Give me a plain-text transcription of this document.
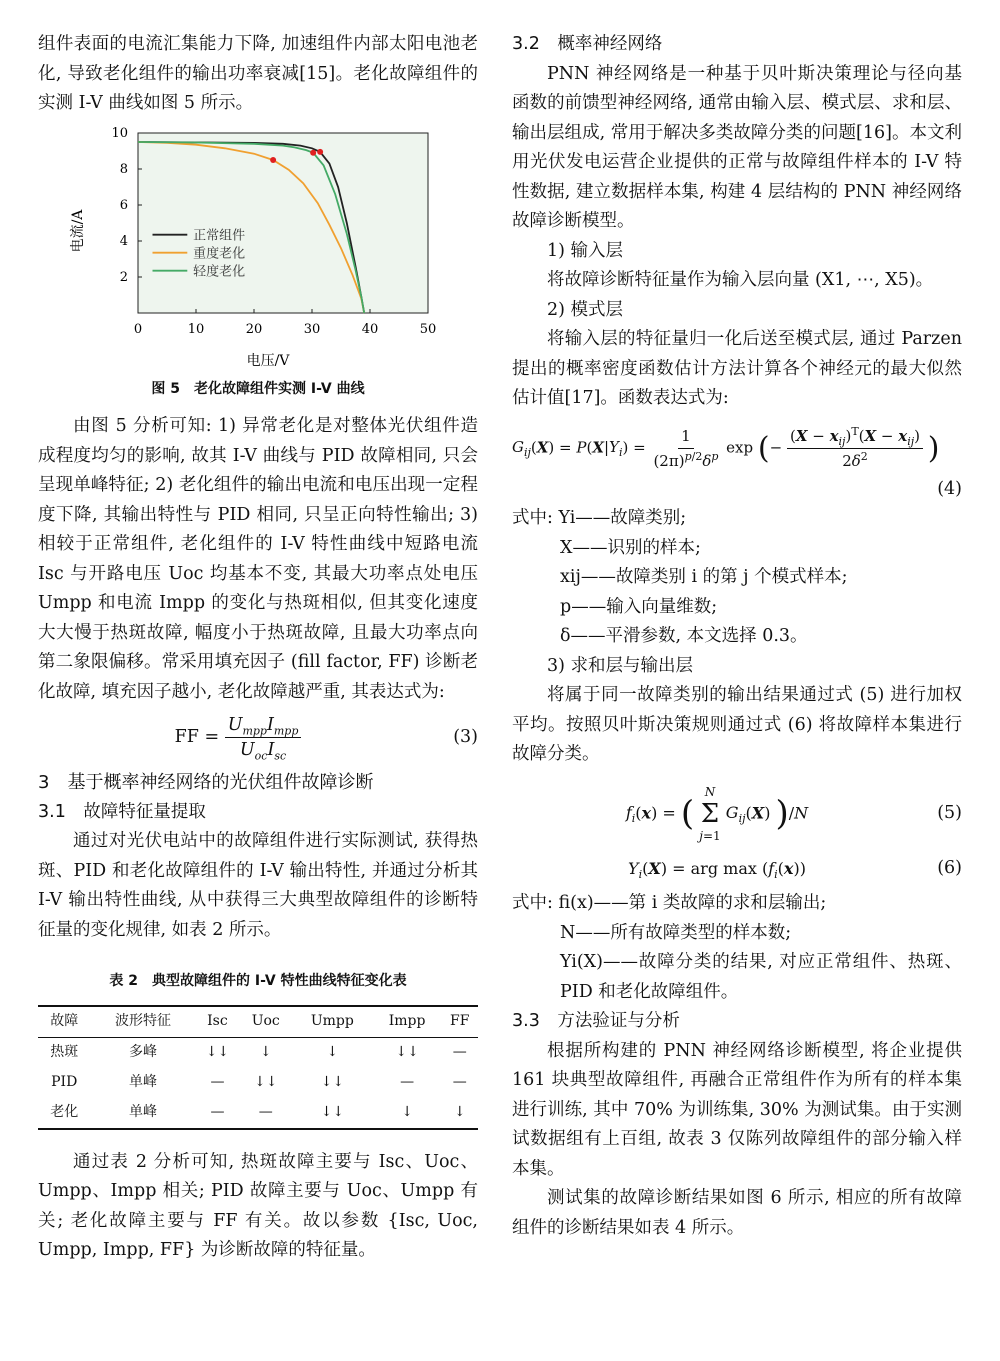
组件表面的电流汇集能力下降, 加速组件内部太阳电池老化, 导致老化组件的输出功率衰减[15]。老化故障组件的实测 I-V 曲线如图 5 所示。

0	10	20	30	40	50
2
4
6
8
10
正常组件
重度老化
轻度老化
电压/V
电流/A

图 5　老化故障组件实测 I-V 曲线

由图 5 分析可知: 1) 异常老化是对整体光伏组件造成程度均匀的影响, 故其 I-V 曲线与 PID 故障相同, 只会呈现单峰特征; 2) 老化组件的输出电流和电压出现一定程度下降, 其输出特性与 PID 相同, 只呈正向特性输出; 3) 相较于正常组件, 老化组件的 I-V 特性曲线中短路电流 Isc 与开路电压 Uoc 均基本不变, 其最大功率点处电压 Umpp 和电流 Impp 的变化与热斑相似, 但其变化速度大大慢于热斑故障, 幅度小于热斑故障, 且最大功率点向第二象限偏移。常采用填充因子 (fill factor, FF) 诊断老化故障, 填充因子越小, 老化故障越严重, 其表达式为:

FF = $\frac{U_{mpp}I_{mpp}}{U_{oc}I_{sc}}$	(3)

3　基于概率神经网络的光伏组件故障诊断

3.1　故障特征量提取

通过对光伏电站中的故障组件进行实际测试, 获得热斑、PID 和老化故障组件的 I-V 输出特性, 并通过分析其 I-V 输出特性曲线, 从中获得三大典型故障组件的诊断特征量的变化规律, 如表 2 所示。

表 2　典型故障组件的 I-V 特性曲线特征变化表

故障	波形特征	Isc	Uoc	Umpp	Impp	FF
热斑	多峰	↓↓	↓	↓	↓↓	—
PID	单峰	—	↓↓	↓↓	—	—
老化	单峰	—	—	↓↓	↓	↓

通过表 2 分析可知, 热斑故障主要与 Isc、Uoc、Umpp、Impp 相关; PID 故障主要与 Uoc、Umpp 有关; 老化故障主要与 FF 有关。故以参数 {Isc, Uoc, Umpp, Impp, FF} 为诊断故障的特征量。

3.2　概率神经网络

PNN 神经网络是一种基于贝叶斯决策理论与径向基函数的前馈型神经网络, 通常由输入层、模式层、求和层、输出层组成, 常用于解决多类故障分类的问题[16]。本文利用光伏发电运营企业提供的正常与故障组件样本的 I-V 特性数据, 建立数据样本集, 构建 4 层结构的 PNN 神经网络故障诊断模型。

1) 输入层

将故障诊断特征量作为输入层向量 (X1, ⋯, X5)。

2) 模式层

将输入层的特征量归一化后送至模式层, 通过 Parzen 提出的概率密度函数估计方法计算各个神经元的最大似然估计值[17]。函数表达式为:

$G_{ij}(X) = P(X|Y_i) = \frac{1}{(2\pi)^{p/2}\delta^p}$ exp (− $\frac{(X - x_{ij})^T(X - x_{ij})}{2\delta^2}$ )
(4)

式中: Yi——故障类别;

X——识别的样本;

xij——故障类别 i 的第 j 个模式样本;

p——输入向量维数;

δ——平滑参数, 本文选择 0.3。

3) 求和层与输出层

将属于同一故障类别的输出结果通过式 (5) 进行加权平均。按照贝叶斯决策规则通过式 (6) 将故障样本集进行故障分类。

$f_i(x)$ = (
N
Σ
j=1
$G_{ij}(X)$ )/N	(5)
$Y_i(X)$ = arg $\max (f_i(x))$	(6)

式中: fi(x)——第 i 类故障的求和层输出;

N——所有故障类型的样本数;

Yi(X)——故障分类的结果, 对应正常组件、热斑、PID 和老化故障组件。

3.3　方法验证与分析

根据所构建的 PNN 神经网络诊断模型, 将企业提供 161 块典型故障组件, 再融合正常组件作为所有的样本集进行训练, 其中 70% 为训练集, 30% 为测试集。由于实测试数据组有上百组, 故表 3 仅陈列故障组件的部分输入样本集。

测试集的故障诊断结果如图 6 所示, 相应的所有故障组件的诊断结果如表 4 所示。
